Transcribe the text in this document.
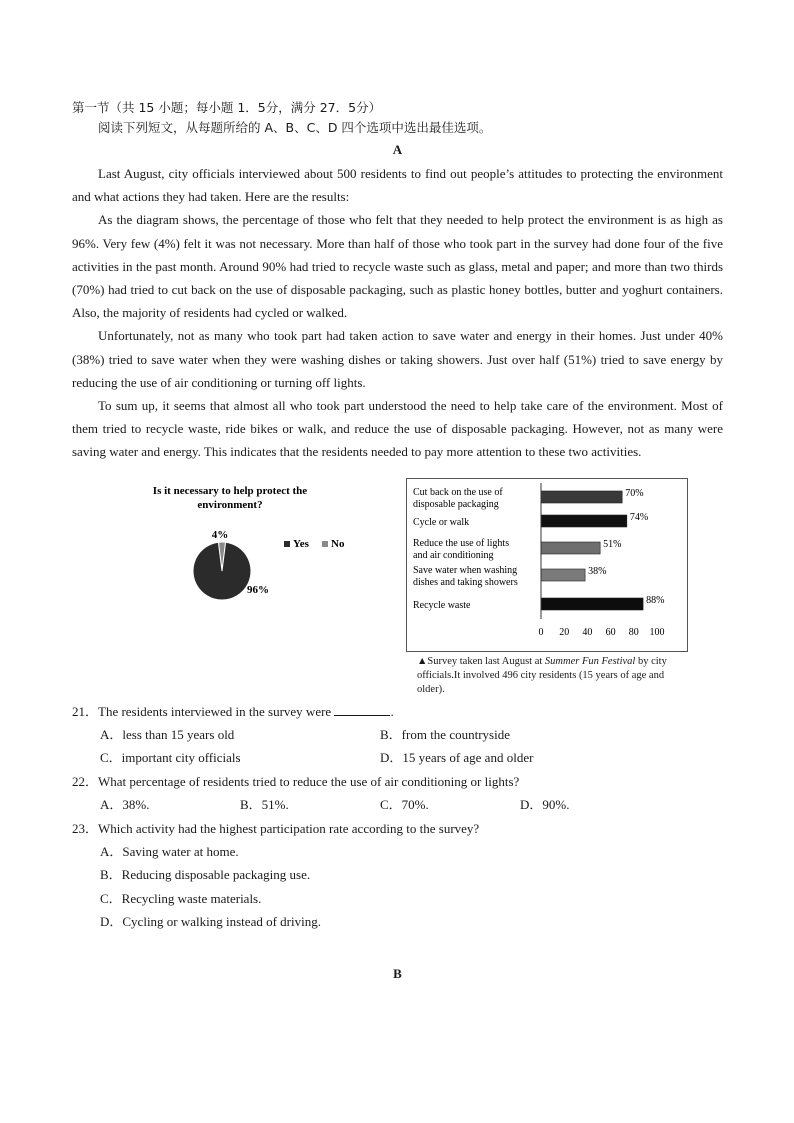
第一节（共 15 小题；每小题 1．5分，满分 27．5分）

阅读下列短文，从每题所给的 A、B、C、D 四个选项中选出最佳选项。

A

Last August, city officials interviewed about 500 residents to find out people’s attitudes to protecting the environment and what actions they had taken. Here are the results:

As the diagram shows, the percentage of those who felt that they needed to help protect the environment is as high as 96%. Very few (4%) felt it was not necessary. More than half of those who took part in the survey had done four of the five activities in the past month. Around 90% had tried to recycle waste such as glass, metal and paper; and more than two thirds (70%) had tried to cut back on the use of disposable packaging, such as plastic honey bottles, butter and yoghurt containers. Also, the majority of residents had cycled or walked.

Unfortunately, not as many who took part had taken action to save water and energy in their homes. Just under 40% (38%) tried to save water when they were washing dishes or taking showers. Just over half (51%) tried to save energy by reducing the use of air conditioning or turning off lights.

To sum up, it seems that almost all who took part understood the need to help take care of the environment. Most of them tried to recycle waste, ride bikes or walk, and reduce the use of disposable packaging. However, not as many were saving water and energy. This indicates that the residents needed to pay more attention to these two activities.

Is it necessary to help protect the
environment?
4%
96%
Yes No
Cut back on the use of
disposable packaging
Cycle or walk
Reduce the use of lights
and air conditioning
Save water when washing
dishes and taking showers
Recycle waste
70%
74%
51%
38%
88%
0 20 40 60 80 100
▲Survey taken last August at Summer Fun Festival by city officials.It involved 496 city residents (15 years of age and older).

21．The residents interviewed in the survey were	.

A．less than 15 years old	B．from the countryside
C．important city officials	D．15 years of age and older

22．What percentage of residents tried to reduce the use of air conditioning or lights?

A．38%.	B．51%.	C．70%.	D．90%.

23．Which activity had the highest participation rate according to the survey?

A．Saving water at home.
B．Reducing disposable packaging use.
C．Recycling waste materials.
D．Cycling or walking instead of driving.
B
